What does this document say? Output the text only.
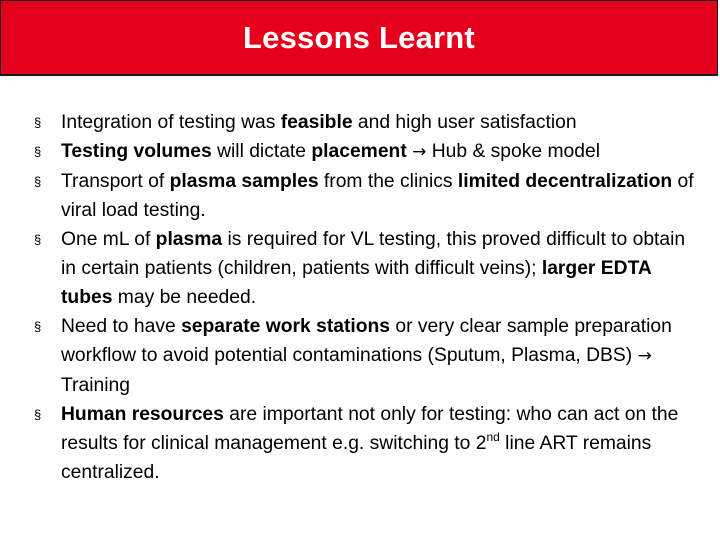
Lessons Learnt
§ Integration of testing was feasible and high user satisfaction
§ Testing volumes will dictate placement → Hub & spoke model
§ Transport of plasma samples from the clinics limited decentralization of viral load testing.
§ One mL of plasma is required for VL testing, this proved difficult to obtain in certain patients (children, patients with difficult veins); larger EDTA tubes may be needed.
§ Need to have separate work stations or very clear sample preparation workflow to avoid potential contaminations (Sputum, Plasma, DBS) → Training
§ Human resources are important not only for testing: who can act on the results for clinical management e.g. switching to 2nd line ART remains centralized.
